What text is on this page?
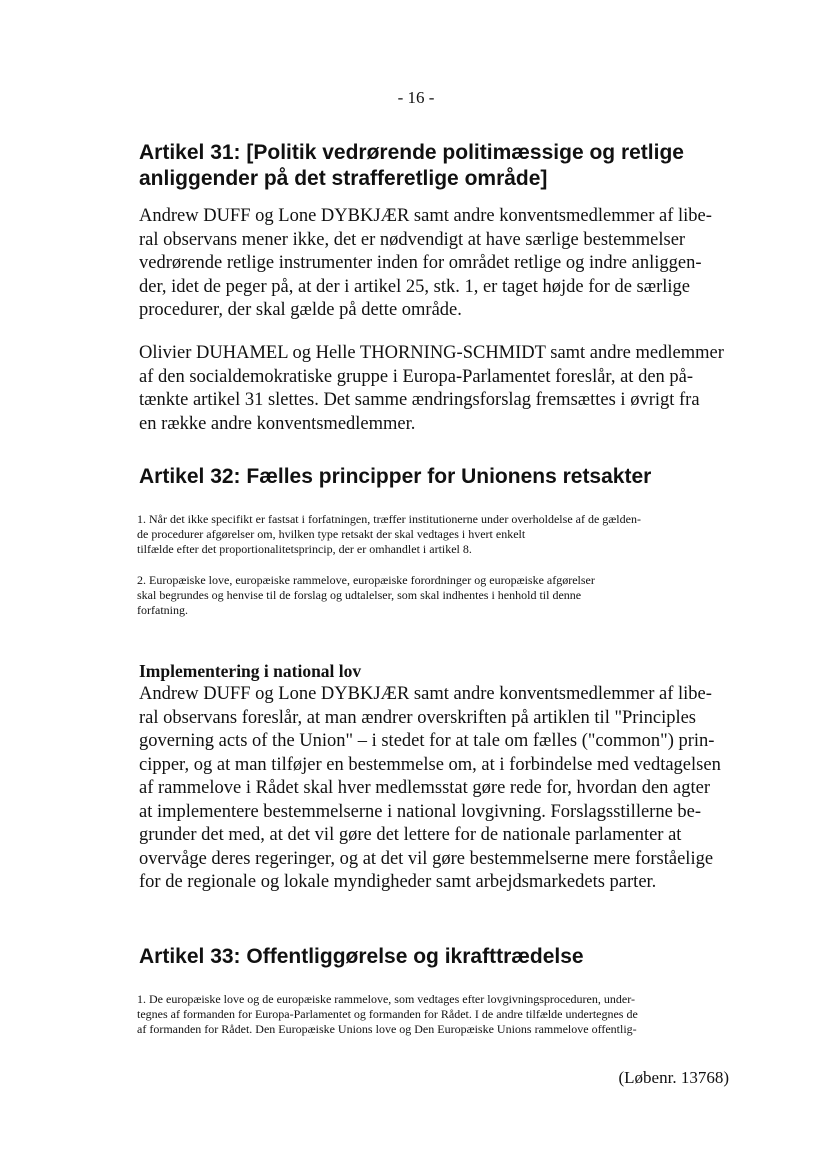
- 16 -
Artikel 31: [Politik vedrørende politimæssige og retlige
anliggender på det strafferetlige område]

Andrew DUFF og Lone DYBKJÆR samt andre konventsmedlemmer af libe-
ral observans mener ikke, det er nødvendigt at have særlige bestemmelser
vedrørende retlige instrumenter inden for området retlige og indre anliggen-
der, idet de peger på, at der i artikel 25, stk. 1, er taget højde for de særlige
procedurer, der skal gælde på dette område.

Olivier DUHAMEL og Helle THORNING-SCHMIDT samt andre medlemmer
af den socialdemokratiske gruppe i Europa-Parlamentet foreslår, at den på-
tænkte artikel 31 slettes. Det samme ændringsforslag fremsættes i øvrigt fra
en række andre konventsmedlemmer.

Artikel 32: Fælles principper for Unionens retsakter

1. Når det ikke specifikt er fastsat i forfatningen, træffer institutionerne under overholdelse af de gælden-
de procedurer afgørelser om, hvilken type retsakt der skal vedtages i hvert enkelt
tilfælde efter det proportionalitetsprincip, der er omhandlet i artikel 8.

2. Europæiske love, europæiske rammelove, europæiske forordninger og europæiske afgørelser
skal begrundes og henvise til de forslag og udtalelser, som skal indhentes i henhold til denne
forfatning.

Implementering i national lov

Andrew DUFF og Lone DYBKJÆR samt andre konventsmedlemmer af libe-
ral observans foreslår, at man ændrer overskriften på artiklen til "Principles
governing acts of the Union" – i stedet for at tale om fælles ("common") prin-
cipper, og at man tilføjer en bestemmelse om, at i forbindelse med vedtagelsen
af rammelove i Rådet skal hver medlemsstat gøre rede for, hvordan den agter
at implementere bestemmelserne i national lovgivning. Forslagsstillerne be-
grunder det med, at det vil gøre det lettere for de nationale parlamenter at
overvåge deres regeringer, og at det vil gøre bestemmelserne mere forståelige
for de regionale og lokale myndigheder samt arbejdsmarkedets parter.

Artikel 33: Offentliggørelse og ikrafttrædelse

1. De europæiske love og de europæiske rammelove, som vedtages efter lovgivningsproceduren, under-
tegnes af formanden for Europa-Parlamentet og formanden for Rådet. I de andre tilfælde undertegnes de
af formanden for Rådet. Den Europæiske Unions love og Den Europæiske Unions rammelove offentlig-

(Løbenr. 13768)
